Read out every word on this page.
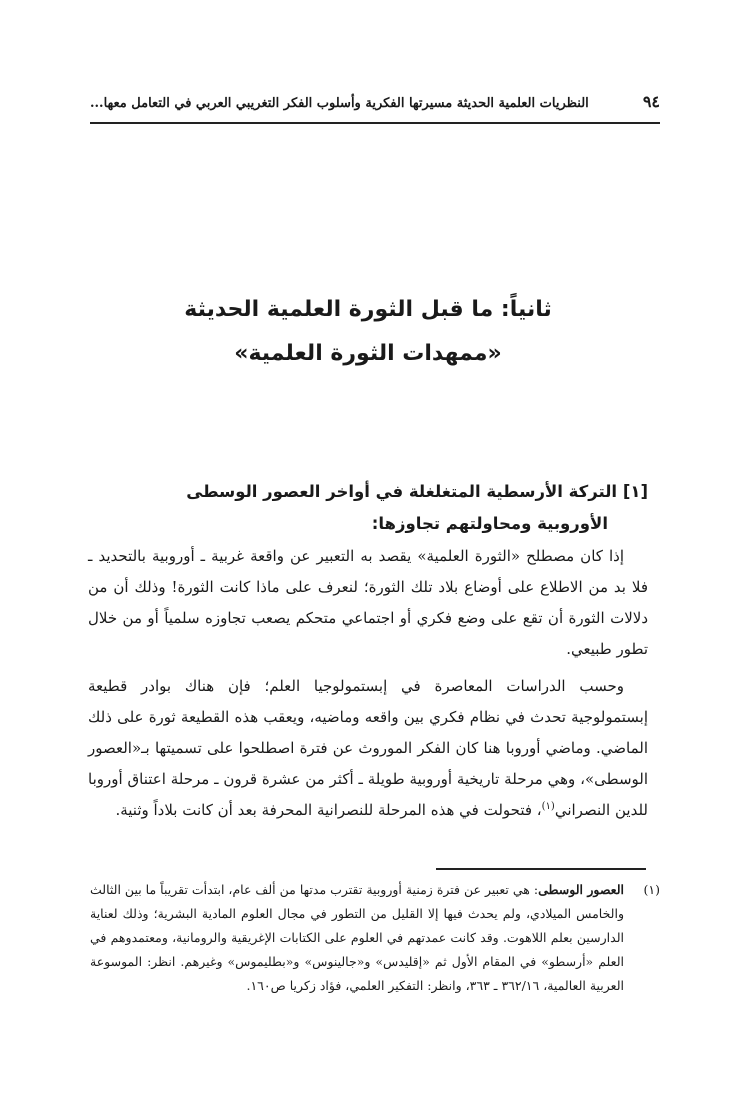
٩٤
النظريات العلمية الحديثة مسيرتها الفكرية وأسلوب الفكر التغريبي العربي في التعامل معها...
ثانياً: ما قبل الثورة العلمية الحديثة
«ممهدات الثورة العلمية»
[١] التركة الأرسطية المتغلغلة في أواخر العصور الوسطى
الأوروبية ومحاولتهم تجاوزها:

إذا كان مصطلح «الثورة العلمية» يقصد به التعبير عن واقعة غربية ـ أوروبية بالتحديد ـ فلا بد من الاطلاع على أوضاع بلاد تلك الثورة؛ لنعرف على ماذا كانت الثورة! وذلك أن من دلالات الثورة أن تقع على وضع فكري أو اجتماعي متحكم يصعب تجاوزه سلمياً أو من خلال تطور طبيعي.

وحسب الدراسات المعاصرة في إبستمولوجيا العلم؛ فإن هناك بوادر قطيعة إبستمولوجية تحدث في نظام فكري بين واقعه وماضيه، ويعقب هذه القطيعة ثورة على ذلك الماضي. وماضي أوروبا هنا كان الفكر الموروث عن فترة اصطلحوا على تسميتها بـ«العصور الوسطى»، وهي مرحلة تاريخية أوروبية طويلة ـ أكثر من عشرة قرون ـ مرحلة اعتناق أوروبا للدين النصراني$^{(١)}$، فتحولت في هذه المرحلة للنصرانية المحرفة بعد أن كانت بلاداً وثنية.

(١)
العصور الوسطى: هي تعبير عن فترة زمنية أوروبية تقترب مدتها من ألف عام، ابتدأت تقريباً ما بين الثالث والخامس الميلادي، ولم يحدث فيها إلا القليل من التطور في مجال العلوم المادية البشرية؛ وذلك لعناية الدارسين بعلم اللاهوت. وقد كانت عمدتهم في العلوم على الكتابات الإغريقية والرومانية، ومعتمدوهم في العلم «أرسطو» في المقام الأول ثم «إقليدس» و«جالينوس» و«بطليموس» وغيرهم. انظر: الموسوعة العربية العالمية، ٣٦٢/١٦ ـ ٣٦٣، وانظر: التفكير العلمي، فؤاد زكريا ص١٦٠.
